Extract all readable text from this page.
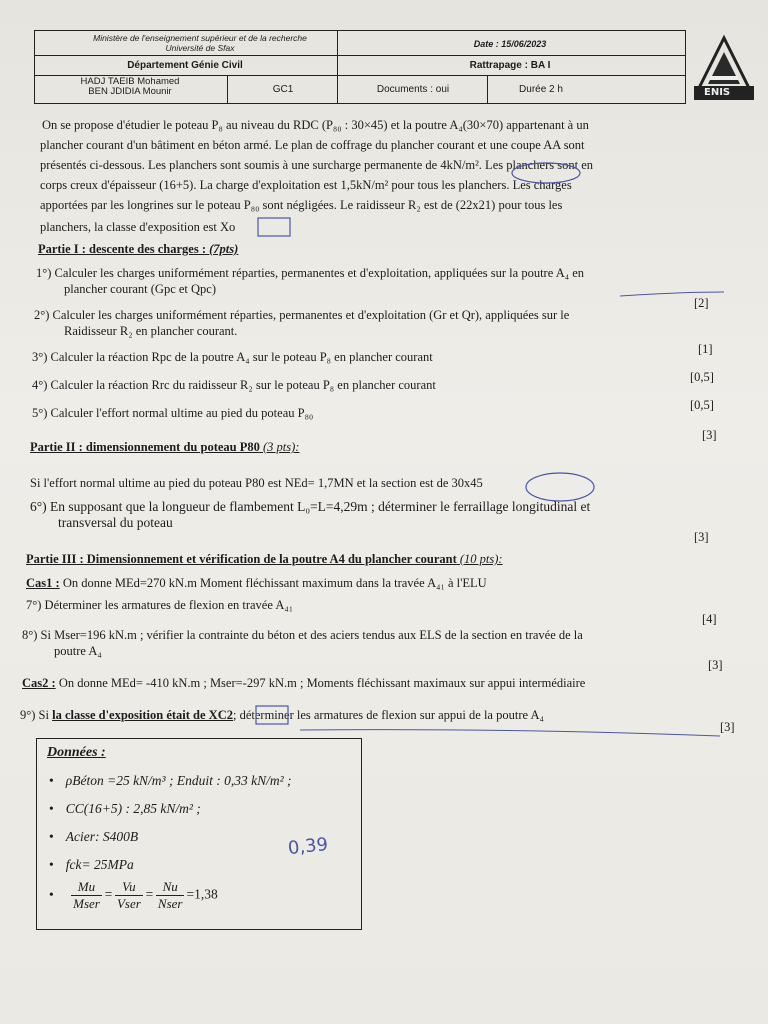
Ministère de l'enseignement supérieur et de la recherche
Université de Sfax	Date : 15/06/2023
Département Génie Civil	Rattrapage : BA I
HADJ TAEIB Mohamed
BEN JDIDIA Mounir	GC1	Documents : oui	Durée 2 h	ENIS
On se propose d'étudier le poteau P₈ au niveau du RDC (P₈₀ : 30×45) et la poutre A₄(30×70) appartenant à un
plancher courant d'un bâtiment en béton armé. Le plan de coffrage du plancher courant et une coupe AA sont
présentés ci-dessous. Les planchers sont soumis à une surcharge permanente de 4kN/m². Les planchers sont en
corps creux d'épaisseur (16+5). La charge d'exploitation est 1,5kN/m² pour tous les planchers. Les charges
apportées par les longrines sur le poteau P₈₀ sont négligées. Le raidisseur R₂ est de (22x21) pour tous les
planchers, la classe d'exposition est Xo
Partie I : descente des charges : (7pts)
1°) Calculer les charges uniformément réparties, permanentes et d'exploitation, appliquées sur la poutre A₄ en
plancher courant (Gpc et Qpc)
[2]
2°) Calculer les charges uniformément réparties, permanentes et d'exploitation (Gr et Qr), appliquées sur le
Raidisseur R₂ en plancher courant.
[1]
3°) Calculer la réaction Rpc de la poutre A₄ sur le poteau P₈ en plancher courant
[0,5]
4°) Calculer la réaction Rrc du raidisseur R₂ sur le poteau P₈ en plancher courant
[0,5]
5°) Calculer l'effort normal ultime au pied du poteau P₈₀
[3]
Partie II : dimensionnement du poteau P80 (3 pts):
Si l'effort normal ultime au pied du poteau P80 est NEd= 1,7MN et la section est de 30x45
6°) En supposant que la longueur de flambement L₀=L=4,29m ; déterminer le ferraillage longitudinal et
transversal du poteau
[3]
Partie III : Dimensionnement et vérification de la poutre A4 du plancher courant (10 pts):
Cas1 : On donne MEd=270 kN.m Moment fléchissant maximum dans la travée A₄₁ à l'ELU
7°) Déterminer les armatures de flexion en travée A₄₁
[4]
8°) Si Mser=196 kN.m ; vérifier la contrainte du béton et des aciers tendus aux ELS de la section en travée de la
poutre A₄
[3]
Cas2 : On donne MEd= -410 kN.m ; Mser=-297 kN.m ; Moments fléchissant maximaux sur appui intermédiaire
9°) Si la classe d'exposition était de XC2; déterminer les armatures de flexion sur appui de la poutre A₄
[3]
Données :
• ρBéton =25 kN/m³ ; Enduit : 0,33 kN/m² ;
• CC(16+5) : 2,85 kN/m² ;
• Acier: S400B
• fck= 25MPa

• $\frac{Mu}{\text{Mser}} = \frac{Vu}{\text{Vser}} = \frac{Nu}{\text{Nser}} =1,38$
0,39
